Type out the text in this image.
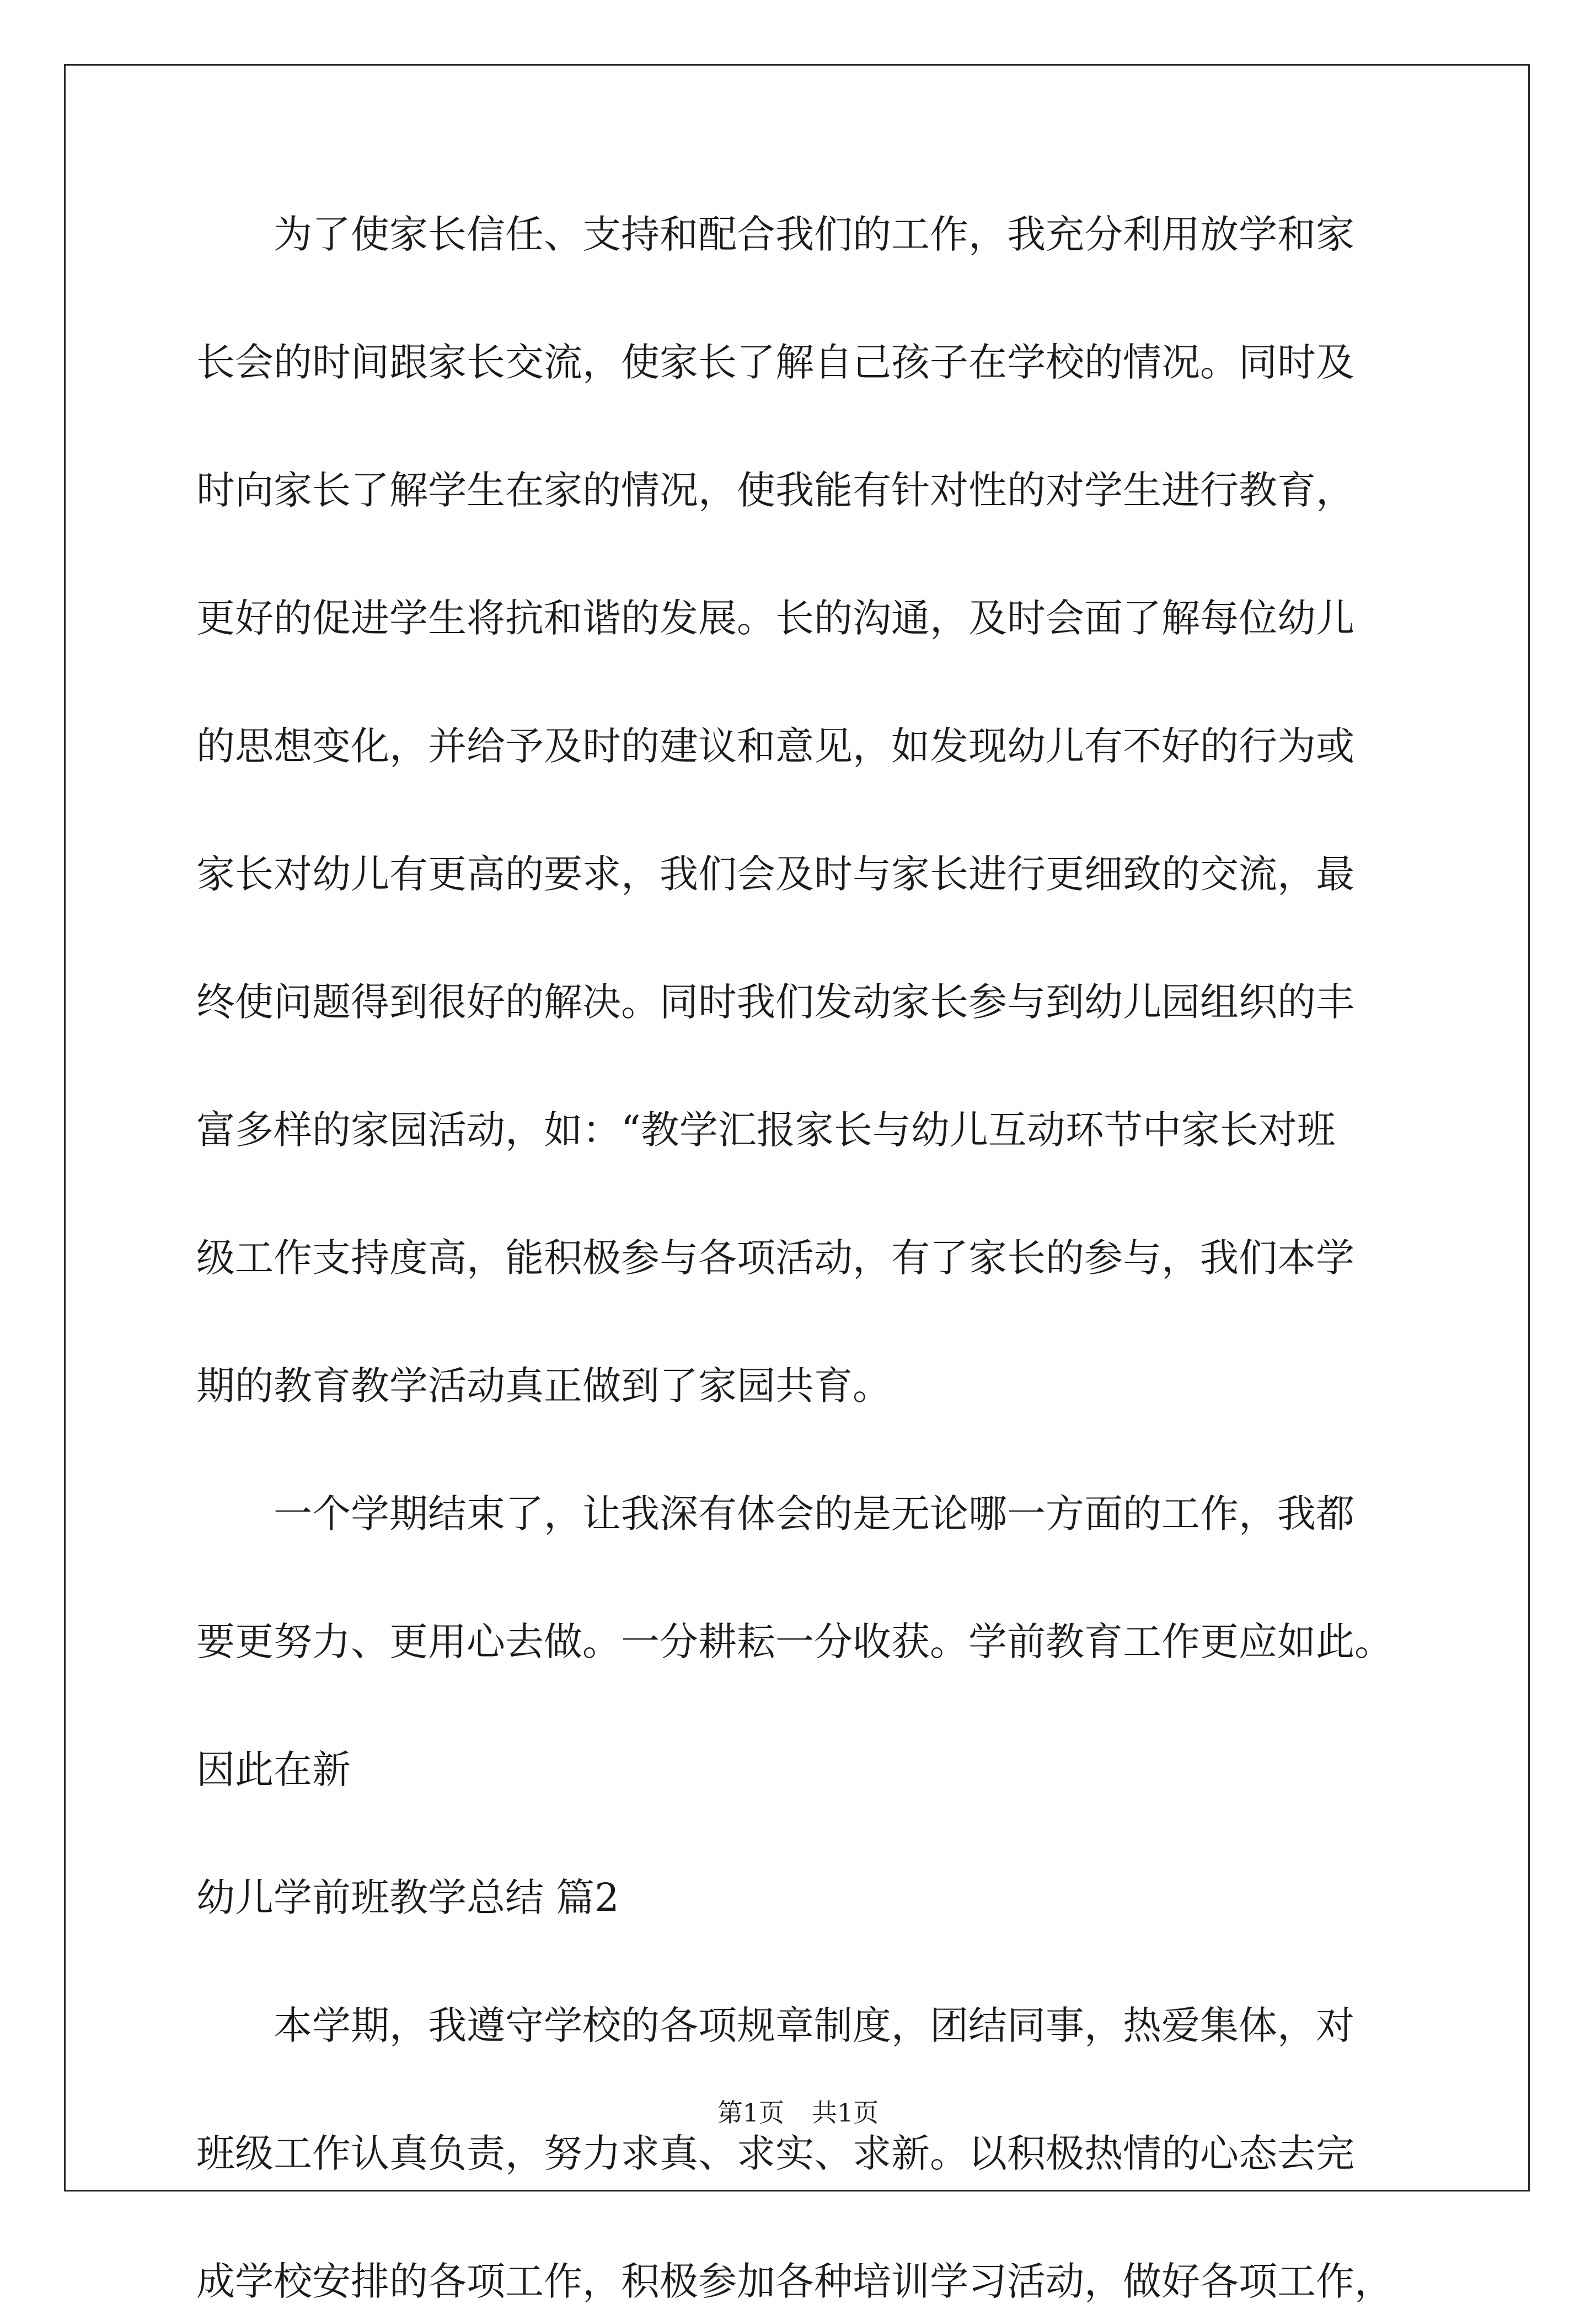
为了使家长信任、支持和配合我们的工作，我充分利用放学和家
长会的时间跟家长交流，使家长了解自己孩子在学校的情况。同时及
时向家长了解学生在家的情况，使我能有针对性的对学生进行教育，
更好的促进学生将抗和谐的发展。长的沟通，及时会面了解每位幼儿
的思想变化，并给予及时的建议和意见，如发现幼儿有不好的行为或
家长对幼儿有更高的要求，我们会及时与家长进行更细致的交流，最
终使问题得到很好的解决。同时我们发动家长参与到幼儿园组织的丰
富多样的家园活动，如：“教学汇报家长与幼儿互动环节中家长对班
级工作支持度高，能积极参与各项活动，有了家长的参与，我们本学
期的教育教学活动真正做到了家园共育。
一个学期结束了，让我深有体会的是无论哪一方面的工作，我都
要更努力、更用心去做。一分耕耘一分收获。学前教育工作更应如此。
因此在新
幼儿学前班教学总结 篇2
本学期，我遵守学校的各项规章制度，团结同事，热爱集体，对
班级工作认真负责，努力求真、求实、求新。以积极热情的心态去完
成学校安排的各项工作，积极参加各种培训学习活动，做好各项工作，
第1页 共1页
